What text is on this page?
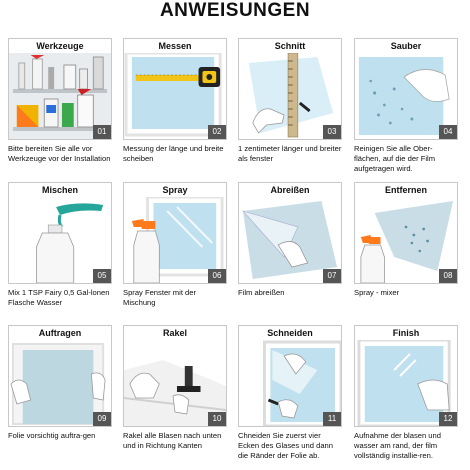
ANWEISUNGEN
Werkzeuge
01
Bitte bereiten Sie alle vor Werkzeuge vor der Installation
Messen
02
Messung der länge und breite scheiben
Schnitt
03
1 zentimeter länger und breiter als fenster
Sauber
04
Reinigen Sie alle Ober-flächen, auf die der Film aufgetragen wird.
Mischen
05
Mix 1 TSP Fairy 0,5 Gal-lonen Flasche Wasser
Spray
06
Spray Fenster mit der Mischung
Abreißen
07
Film abreißen
Entfernen
08
Spray - mixer
Auftragen
09
Folie vorsichtig auftra-gen
Rakel
10
Rakel alle Blasen nach unten und in Richtung Kanten
Schneiden
11
Chneiden Sie zuerst vier Ecken des Glases und dann die Ränder der Folie ab.
Finish
12
Aufnahme der blasen und wasser am rand, der film vollständig installie-ren.
